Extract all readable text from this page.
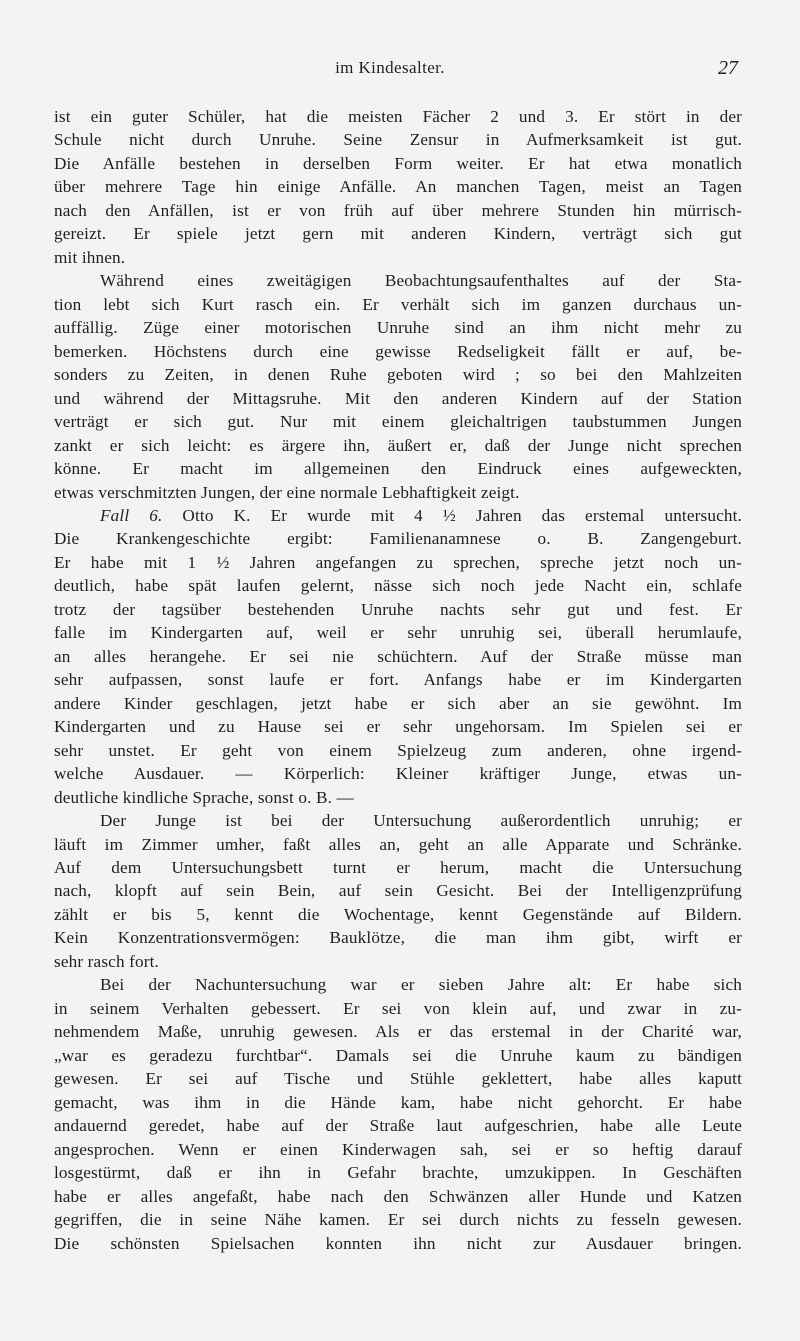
im Kindesalter.	27
ist ein guter Schüler, hat die meisten Fächer 2 und 3. Er stört in der
Schule nicht durch Unruhe. Seine Zensur in Aufmerksamkeit ist gut.
Die Anfälle bestehen in derselben Form weiter. Er hat etwa monatlich
über mehrere Tage hin einige Anfälle. An manchen Tagen, meist an Tagen
nach den Anfällen, ist er von früh auf über mehrere Stunden hin mürrisch-
gereizt. Er spiele jetzt gern mit anderen Kindern, verträgt sich gut
mit ihnen.
Während eines zweitägigen Beobachtungsaufenthaltes auf der Sta-
tion lebt sich Kurt rasch ein. Er verhält sich im ganzen durchaus un-
auffällig. Züge einer motorischen Unruhe sind an ihm nicht mehr zu
bemerken. Höchstens durch eine gewisse Redseligkeit fällt er auf, be-
sonders zu Zeiten, in denen Ruhe geboten wird ; so bei den Mahlzeiten
und während der Mittagsruhe. Mit den anderen Kindern auf der Station
verträgt er sich gut. Nur mit einem gleichaltrigen taubstummen Jungen
zankt er sich leicht: es ärgere ihn, äußert er, daß der Junge nicht sprechen
könne. Er macht im allgemeinen den Eindruck eines aufgeweckten,
etwas verschmitzten Jungen, der eine normale Lebhaftigkeit zeigt.
Fall 6. Otto K. Er wurde mit 4 ½ Jahren das erstemal untersucht.
Die Krankengeschichte ergibt: Familienanamnese o. B. Zangengeburt.
Er habe mit 1 ½ Jahren angefangen zu sprechen, spreche jetzt noch un-
deutlich, habe spät laufen gelernt, nässe sich noch jede Nacht ein, schlafe
trotz der tagsüber bestehenden Unruhe nachts sehr gut und fest. Er
falle im Kindergarten auf, weil er sehr unruhig sei, überall herumlaufe,
an alles herangehe. Er sei nie schüchtern. Auf der Straße müsse man
sehr aufpassen, sonst laufe er fort. Anfangs habe er im Kindergarten
andere Kinder geschlagen, jetzt habe er sich aber an sie gewöhnt. Im
Kindergarten und zu Hause sei er sehr ungehorsam. Im Spielen sei er
sehr unstet. Er geht von einem Spielzeug zum anderen, ohne irgend-
welche Ausdauer. — Körperlich: Kleiner kräftiger Junge, etwas un-
deutliche kindliche Sprache, sonst o. B. —
Der Junge ist bei der Untersuchung außerordentlich unruhig; er
läuft im Zimmer umher, faßt alles an, geht an alle Apparate und Schränke.
Auf dem Untersuchungsbett turnt er herum, macht die Untersuchung
nach, klopft auf sein Bein, auf sein Gesicht. Bei der Intelligenzprüfung
zählt er bis 5, kennt die Wochentage, kennt Gegenstände auf Bildern.
Kein Konzentrationsvermögen: Bauklötze, die man ihm gibt, wirft er
sehr rasch fort.
Bei der Nachuntersuchung war er sieben Jahre alt: Er habe sich
in seinem Verhalten gebessert. Er sei von klein auf, und zwar in zu-
nehmendem Maße, unruhig gewesen. Als er das erstemal in der Charité war,
„war es geradezu furchtbar“. Damals sei die Unruhe kaum zu bändigen
gewesen. Er sei auf Tische und Stühle geklettert, habe alles kaputt
gemacht, was ihm in die Hände kam, habe nicht gehorcht. Er habe
andauernd geredet, habe auf der Straße laut aufgeschrien, habe alle Leute
angesprochen. Wenn er einen Kinderwagen sah, sei er so heftig darauf
losgestürmt, daß er ihn in Gefahr brachte, umzukippen. In Geschäften
habe er alles angefaßt, habe nach den Schwänzen aller Hunde und Katzen
gegriffen, die in seine Nähe kamen. Er sei durch nichts zu fesseln gewesen.
Die schönsten Spielsachen konnten ihn nicht zur Ausdauer bringen.
